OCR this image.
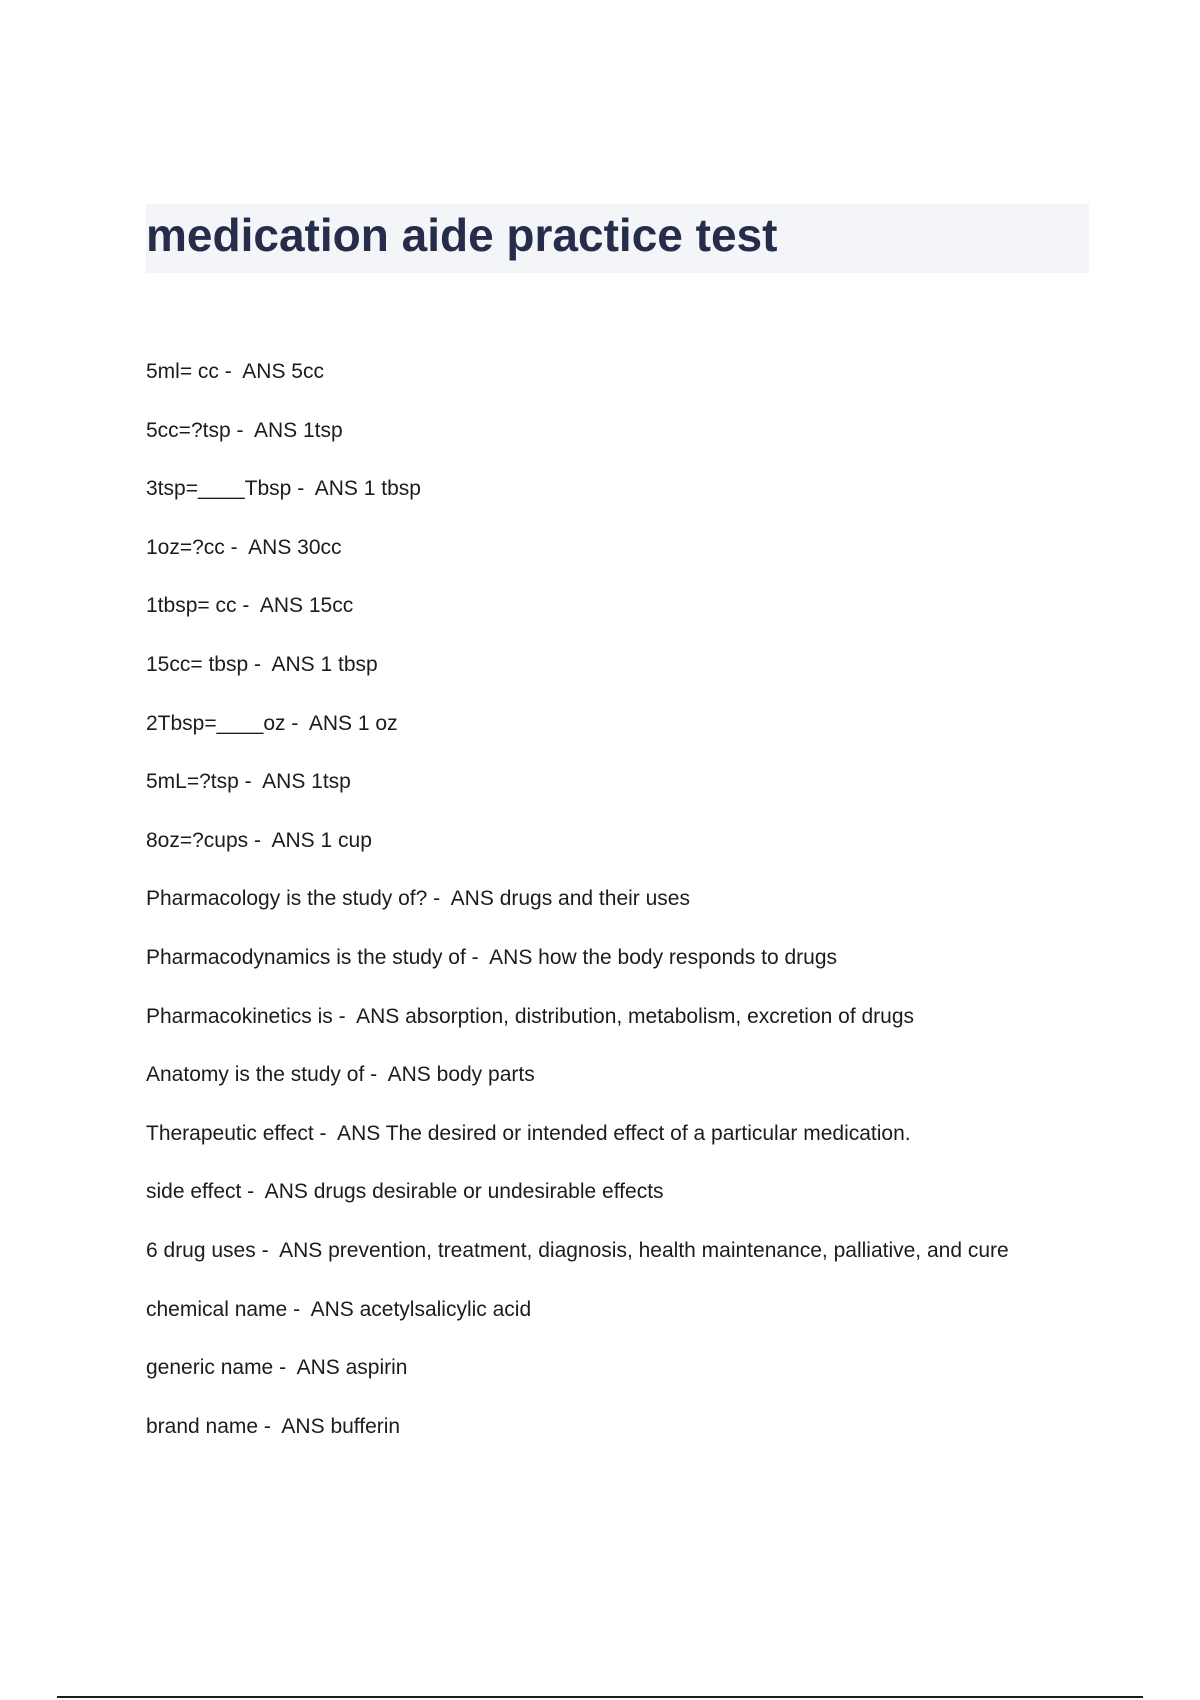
medication aide practice test
5ml= cc -  ANS 5cc
5cc=?tsp -  ANS 1tsp
3tsp=____Tbsp -  ANS 1 tbsp
1oz=?cc -  ANS 30cc
1tbsp= cc -  ANS 15cc
15cc= tbsp -  ANS 1 tbsp
2Tbsp=____oz -  ANS 1 oz
5mL=?tsp -  ANS 1tsp
8oz=?cups -  ANS 1 cup
Pharmacology is the study of? -  ANS drugs and their uses
Pharmacodynamics is the study of -  ANS how the body responds to drugs
Pharmacokinetics is -  ANS absorption, distribution, metabolism, excretion of drugs
Anatomy is the study of -  ANS body parts
Therapeutic effect -  ANS The desired or intended effect of a particular medication.
side effect -  ANS drugs desirable or undesirable effects
6 drug uses -  ANS prevention, treatment, diagnosis, health maintenance, palliative, and cure
chemical name -  ANS acetylsalicylic acid
generic name -  ANS aspirin
brand name -  ANS bufferin
